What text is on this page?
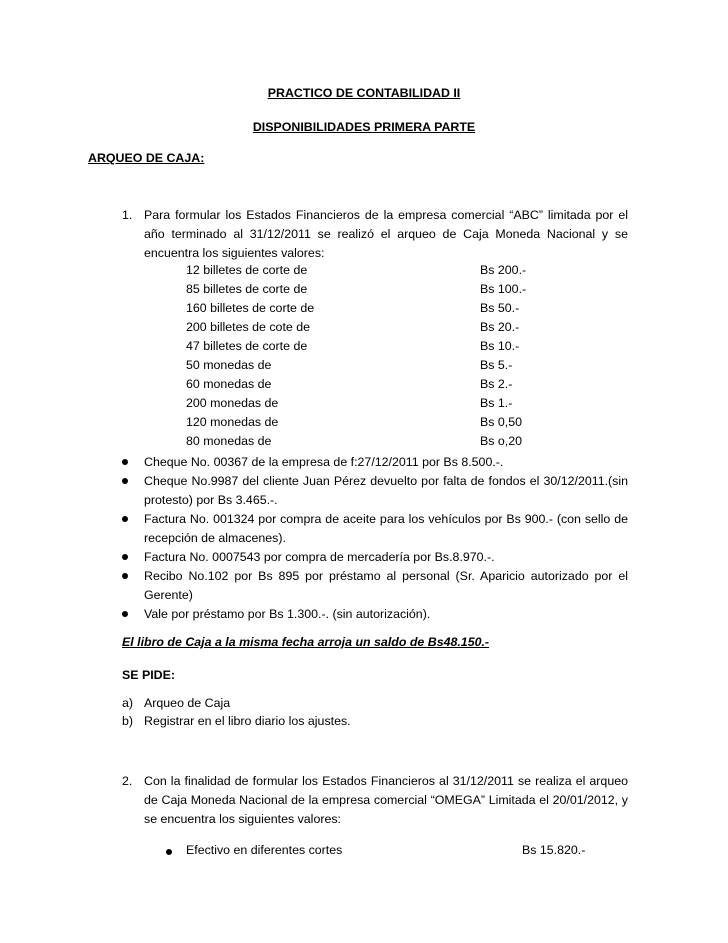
PRACTICO DE CONTABILIDAD II
DISPONIBILIDADES PRIMERA PARTE
ARQUEO DE CAJA:
1. Para formular los Estados Financieros de la empresa comercial “ABC” limitada por el año terminado al 31/12/2011 se realizó el arqueo de Caja Moneda Nacional y se encuentra los siguientes valores:
12 billetes de corte de	Bs 200.-
85 billetes de corte de	Bs 100.-
160 billetes de corte de	Bs 50.-
200 billetes de cote de	Bs 20.-
47 billetes de corte de	Bs 10.-
50 monedas de	Bs 5.-
60 monedas de	Bs 2.-
200 monedas de	Bs 1.-
120 monedas de	Bs 0,50
80 monedas de	Bs o,20
Cheque No. 00367 de la empresa de f:27/12/2011 por Bs 8.500.-.
Cheque No.9987 del cliente Juan Pérez devuelto por falta de fondos el 30/12/2011.(sin protesto) por Bs 3.465.-.
Factura No. 001324 por compra de aceite para los vehículos por Bs 900.- (con sello de recepción de almacenes).
Factura No. 0007543 por compra de mercadería por Bs.8.970.-.
Recibo No.102 por Bs 895 por préstamo al personal (Sr. Aparicio autorizado por el Gerente)
Vale por préstamo por Bs 1.300.-. (sin autorización).
El libro de Caja a la misma fecha arroja un saldo de Bs48.150.-
SE PIDE:
a) Arqueo de Caja
b) Registrar en el libro diario los ajustes.
2. Con la finalidad de formular los Estados Financieros al 31/12/2011 se realiza el arqueo de Caja Moneda Nacional de la empresa comercial “OMEGA” Limitada el 20/01/2012, y se encuentra los siguientes valores:
Efectivo en diferentes cortes	Bs 15.820.-
